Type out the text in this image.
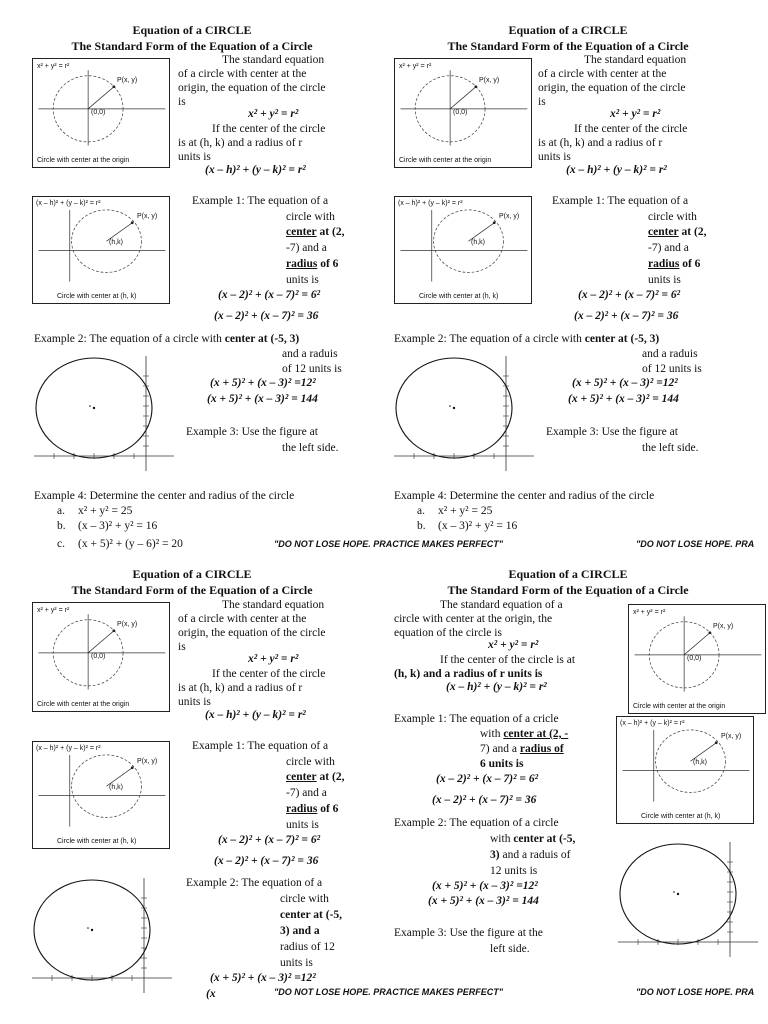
Equation of a CIRCLE
The Standard Form of the Equation of a Circle
x² + y² = r²
P(x, y)
(0,0)
Circle with center at the origin
The standard equation
of a circle with center at the
origin, the equation of the circle
is
x² + y² = r²
If the center of the circle
is at (h, k) and a radius of r
units is
(x – h)² + (y – k)² = r²
(x – h)² + (y – k)² = r²
P(x, y)
(h,k)
Circle with center at (h, k)
Example 1: The equation of a
circle with
center at (2,
-7) and a
radius of 6
units is
(x – 2)² + (x – 7)² = 6²
(x – 2)² + (x – 7)² = 36
Example 2: The equation of a circle with center at (-5, 3)
and a raduis
of 12 units is
(x + 5)² + (x – 3)² =12²
(x + 5)² + (x – 3)² = 144
Example 3: Use the figure at
the left side.
Example 4: Determine the center and radius of the circle
a. x² + y² = 25
b. (x – 3)² + y² = 16
c. (x + 5)² + (y – 6)² = 20	"DO NOT LOSE HOPE. PRACTICE MAKES PERFECT"
Equation of a CIRCLE
The Standard Form of the Equation of a Circle
x² + y² = r²
P(x, y)
(0,0)
Circle with center at the origin
The standard equation
of a circle with center at the
origin, the equation of the circle
is
x² + y² = r²
If the center of the circle
is at (h, k) and a radius of r
units is
(x – h)² + (y – k)² = r²
(x – h)² + (y – k)² = r²
P(x, y)
(h,k)
Circle with center at (h, k)
Example 1: The equation of a
circle with
center at (2,
-7) and a
radius of 6
units is
(x – 2)² + (x – 7)² = 6²
(x – 2)² + (x – 7)² = 36
Example 2: The equation of a circle with center at (-5, 3)
and a raduis
of 12 units is
(x + 5)² + (x – 3)² =12²
(x + 5)² + (x – 3)² = 144
Example 3: Use the figure at
the left side.
Example 4: Determine the center and radius of the circle
a. x² + y² = 25
b. (x – 3)² + y² = 16
"DO NOT LOSE HOPE. PRA
Equation of a CIRCLE
The Standard Form of the Equation of a Circle
x² + y² = r²
P(x, y)
(0,0)
Circle with center at the origin
The standard equation
of a circle with center at the
origin, the equation of the circle
is
x² + y² = r²
If the center of the circle
is at (h, k) and a radius of r
units is
(x – h)² + (y – k)² = r²
(x – h)² + (y – k)² = r²
P(x, y)
(h,k)
Circle with center at (h, k)
Example 1: The equation of a
circle with
center at (2,
-7) and a
radius of 6
units is
(x – 2)² + (x – 7)² = 6²
(x – 2)² + (x – 7)² = 36
Example 2: The equation of a
circle with
center at (-5,
3) and a
radius of 12
units is
(x + 5)² + (x – 3)² =12²
(x	"DO NOT LOSE HOPE. PRACTICE MAKES PERFECT"
Equation of a CIRCLE
The Standard Form of the Equation of a Circle
The standard equation of a
circle with center at the origin, the
equation of the circle is
x² + y² = r²
If the center of the circle is at
(h, k) and a radius of r units is
(x – h)² + (y – k)² = r²
x² + y² = r²
P(x, y)
(0,0)
Circle with center at the origin
(x – h)² + (y – k)² = r²
P(x, y)
(h,k)
Circle with center at (h, k)
Example 1: The equation of a cricle
with center at (2, -
7) and a radius of
6 units is
(x – 2)² + (x – 7)² = 6²
(x – 2)² + (x – 7)² = 36
Example 2: The equation of a circle
with center at (-5,
3) and a raduis of
12 units is
(x + 5)² + (x – 3)² =12²
(x + 5)² + (x – 3)² = 144
Example 3: Use the figure at the
left side.
"DO NOT LOSE HOPE. PRA
